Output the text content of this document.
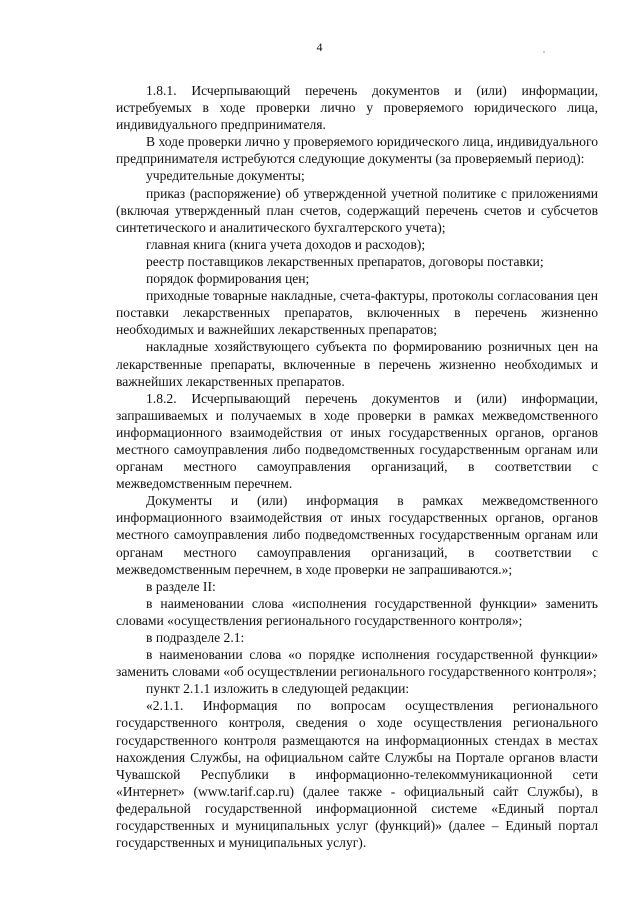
4

1.8.1. Исчерпывающий перечень документов и (или) информации, истребуемых в ходе проверки лично у проверяемого юридического лица, индивидуального предпринимателя.

В ходе проверки лично у проверяемого юридического лица, индивидуального предпринимателя истребуются следующие документы (за проверяемый период):

учредительные документы;

приказ (распоряжение) об утвержденной учетной политике с приложениями (включая утвержденный план счетов, содержащий перечень счетов и субсчетов синтетического и аналитического бухгалтерского учета);

главная книга (книга учета доходов и расходов);

реестр поставщиков лекарственных препаратов, договоры поставки;

порядок формирования цен;

приходные товарные накладные, счета-фактуры, протоколы согласования цен поставки лекарственных препаратов, включенных в перечень жизненно необходимых и важнейших лекарственных препаратов;

накладные хозяйствующего субъекта по формированию розничных цен на лекарственные препараты, включенные в перечень жизненно необходимых и важнейших лекарственных препаратов.

1.8.2. Исчерпывающий перечень документов и (или) информации, запрашиваемых и получаемых в ходе проверки в рамках межведомственного информационного взаимодействия от иных государственных органов, органов местного самоуправления либо подведомственных государственным органам или органам местного самоуправления организаций, в соответствии с межведомственным перечнем.

Документы и (или) информация в рамках межведомственного информационного взаимодействия от иных государственных органов, органов местного самоуправления либо подведомственных государственным органам или органам местного самоуправления организаций, в соответствии с межведомственным перечнем, в ходе проверки не запрашиваются.»;

в разделе II:

в наименовании слова «исполнения государственной функции» заменить словами «осуществления регионального государственного контроля»;

в подразделе 2.1:

в наименовании слова «о порядке исполнения государственной функции» заменить словами «об осуществлении регионального государственного контроля»;

пункт 2.1.1 изложить в следующей редакции:

«2.1.1. Информация по вопросам осуществления регионального государственного контроля, сведения о ходе осуществления регионального государственного контроля размещаются на информационных стендах в местах нахождения Службы, на официальном сайте Службы на Портале органов власти Чувашской Республики в информационно-телекоммуникационной сети «Интернет» (www.tarif.cap.ru) (далее также - официальный сайт Службы), в федеральной государственной информационной системе «Единый портал государственных и муниципальных услуг (функций)» (далее – Единый портал государственных и муниципальных услуг).
